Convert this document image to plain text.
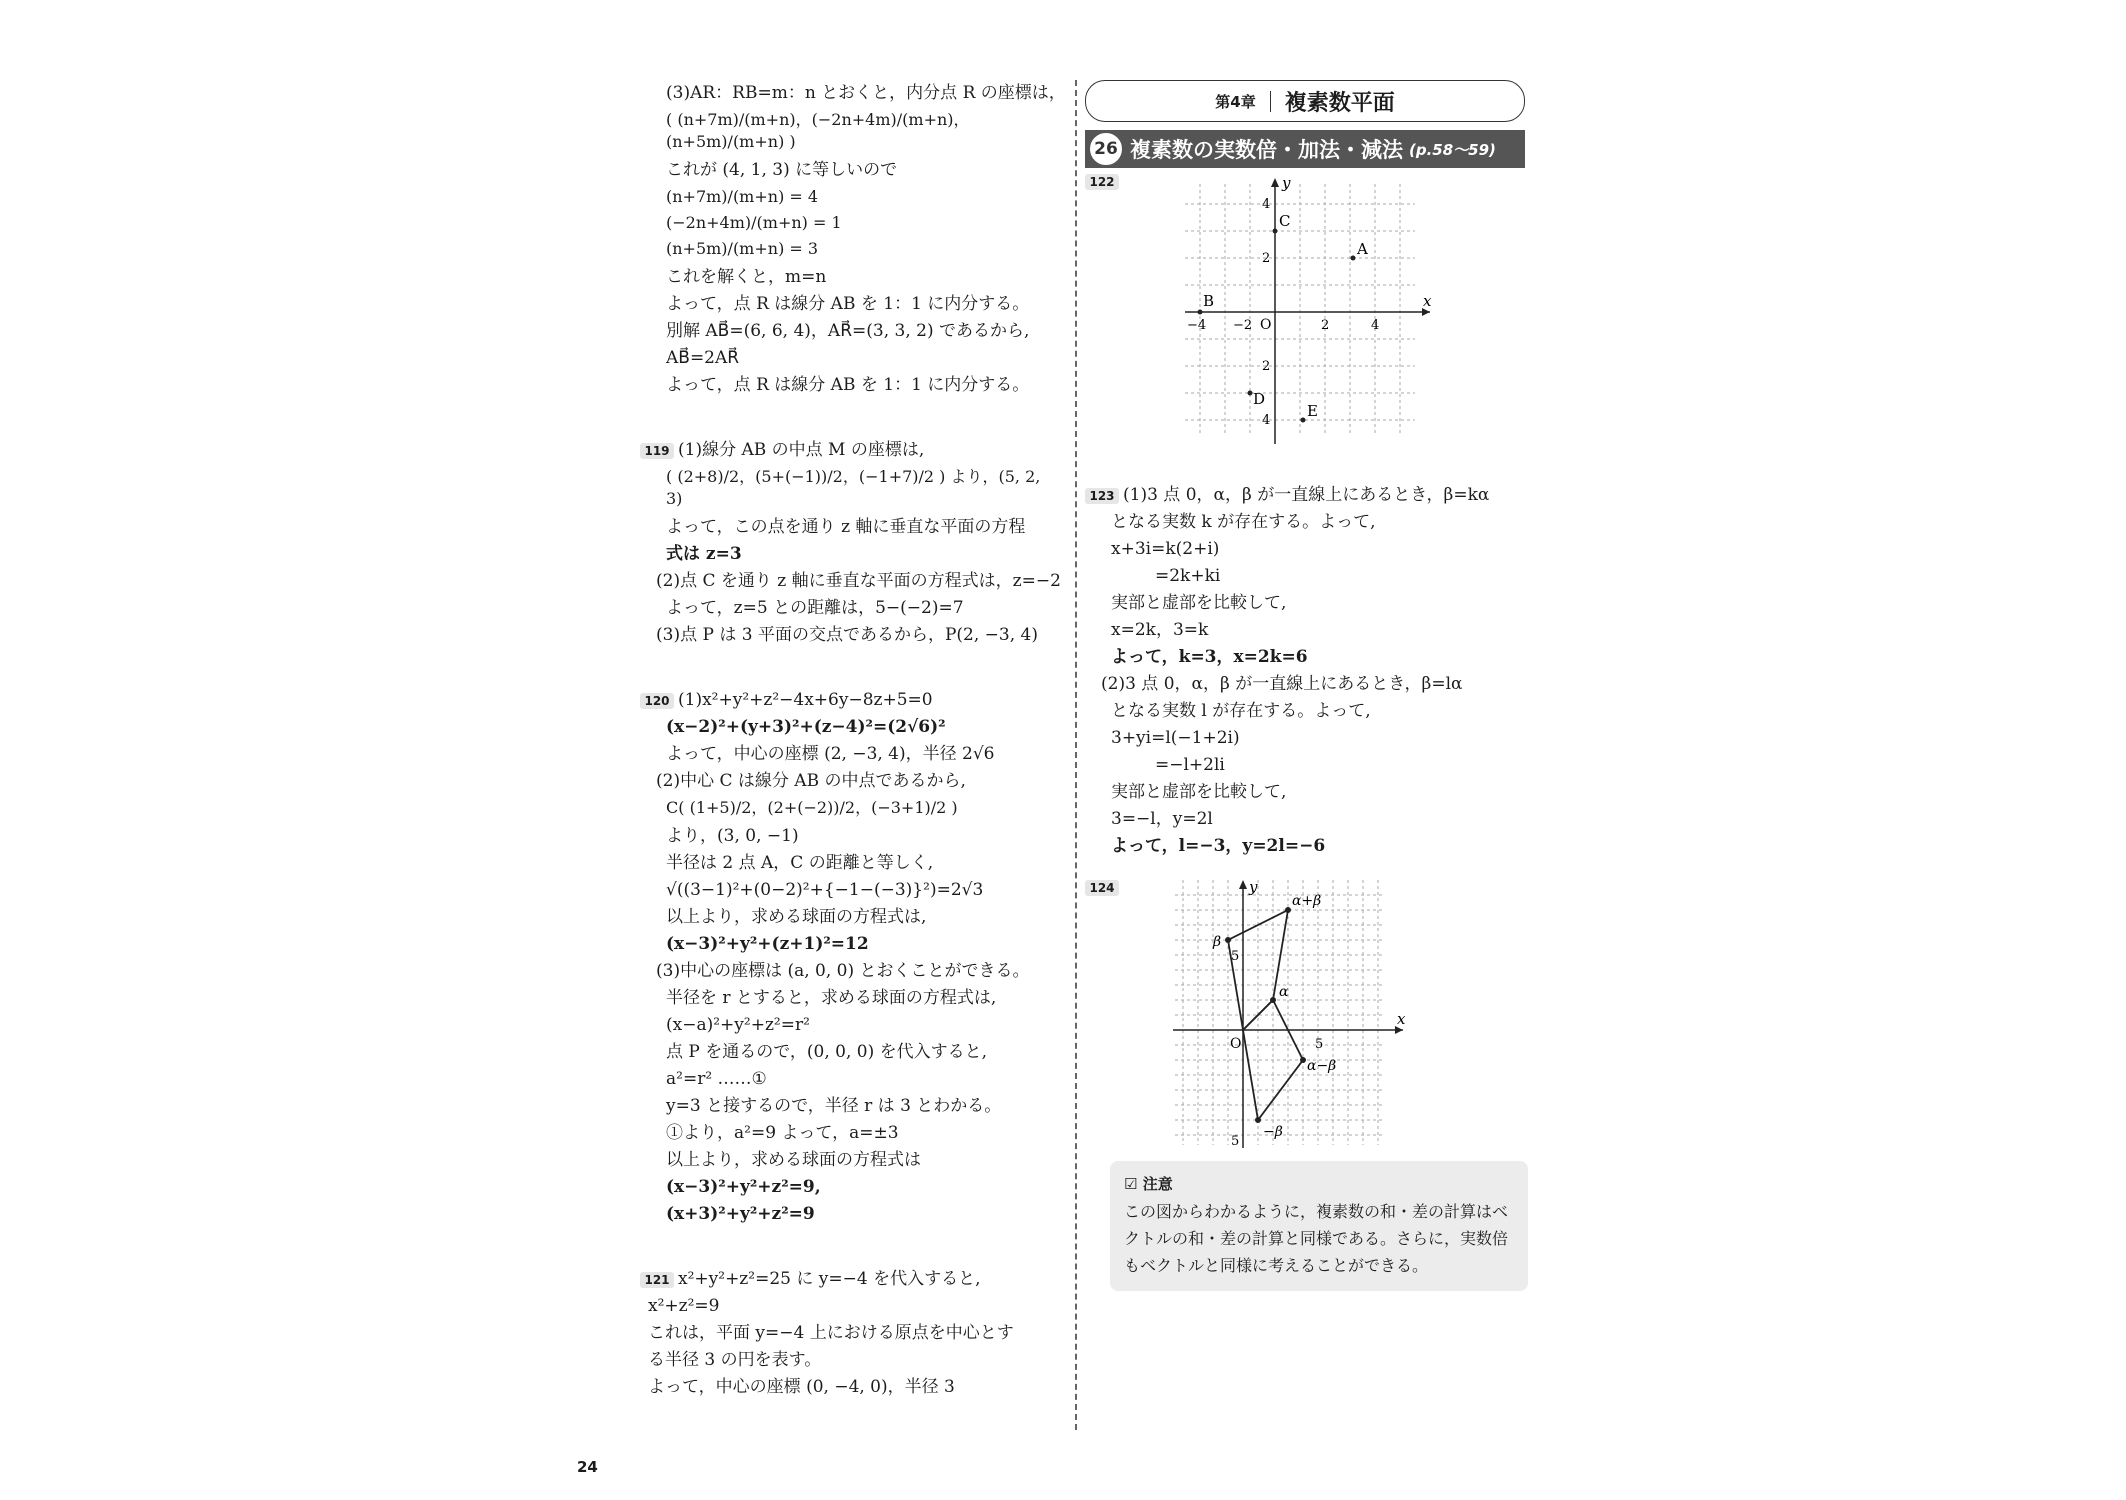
(3)AR：RB=m：n とおくと，内分点 R の座標は，
( (n+7m)/(m+n)，(−2n+4m)/(m+n)，(n+5m)/(m+n) )
これが (4, 1, 3) に等しいので
(n+7m)/(m+n) = 4
(−2n+4m)/(m+n) = 1
(n+5m)/(m+n) = 3
これを解くと，m=n
よって，点 R は線分 AB を 1：1 に内分する。
別解 AB⃗=(6, 6, 4)，AR⃗=(3, 3, 2) であるから,
AB⃗=2AR⃗
よって，点 R は線分 AB を 1：1 に内分する。
119 (1)線分 AB の中点 M の座標は,
( (2+8)/2，(5+(−1))/2，(−1+7)/2 ) より，(5, 2, 3)
よって，この点を通り z 軸に垂直な平面の方程
式は z=3
(2)点 C を通り z 軸に垂直な平面の方程式は，z=−2
よって，z=5 との距離は，5−(−2)=7
(3)点 P は 3 平面の交点であるから，P(2, −3, 4)
120 (1)x²+y²+z²−4x+6y−8z+5=0
(x−2)²+(y+3)²+(z−4)²=(2√6)²
よって，中心の座標 (2, −3, 4)，半径 2√6
(2)中心 C は線分 AB の中点であるから,
C( (1+5)/2，(2+(−2))/2，(−3+1)/2 )
より，(3, 0, −1)
半径は 2 点 A，C の距離と等しく,
√((3−1)²+(0−2)²+{−1−(−3)}²)=2√3
以上より，求める球面の方程式は,
(x−3)²+y²+(z+1)²=12
(3)中心の座標は (a, 0, 0) とおくことができる。
半径を r とすると，求める球面の方程式は,
(x−a)²+y²+z²=r²
点 P を通るので，(0, 0, 0) を代入すると,
a²=r² ……①
y=3 と接するので，半径 r は 3 とわかる。
①より，a²=9 よって，a=±3
以上より，求める球面の方程式は
(x−3)²+y²+z²=9,
(x+3)²+y²+z²=9
121 x²+y²+z²=25 に y=−4 を代入すると,
x²+z²=9
これは，平面 y=−4 上における原点を中心とす
る半径 3 の円を表す。
よって，中心の座標 (0, −4, 0)，半径 3
第4章	複素数平面
26 複素数の実数倍・加法・減法 (p.58～59)
122
x
y
O
−4 −2	2	4
4
2
2
4
A
B
C
D
E
123 (1)3 点 0，α，β が一直線上にあるとき，β=kα
となる実数 k が存在する。よって,
x+3i=k(2+i)
=2k+ki
実部と虚部を比較して,
x=2k，3=k
よって，k=3，x=2k=6
(2)3 点 0，α，β が一直線上にあるとき，β=lα
となる実数 l が存在する。よって,
3+yi=l(−1+2i)
=−l+2li
実部と虚部を比較して,
3=−l，y=2l
よって，l=−3，y=2l=−6
124
x
y
O
5
5
5
α+β
β
α
α−β
−β
☑ 注意
この図からわかるように，複素数の和・差の計算はベクトルの和・差の計算と同様である。さらに，実数倍もベクトルと同様に考えることができる。
24
